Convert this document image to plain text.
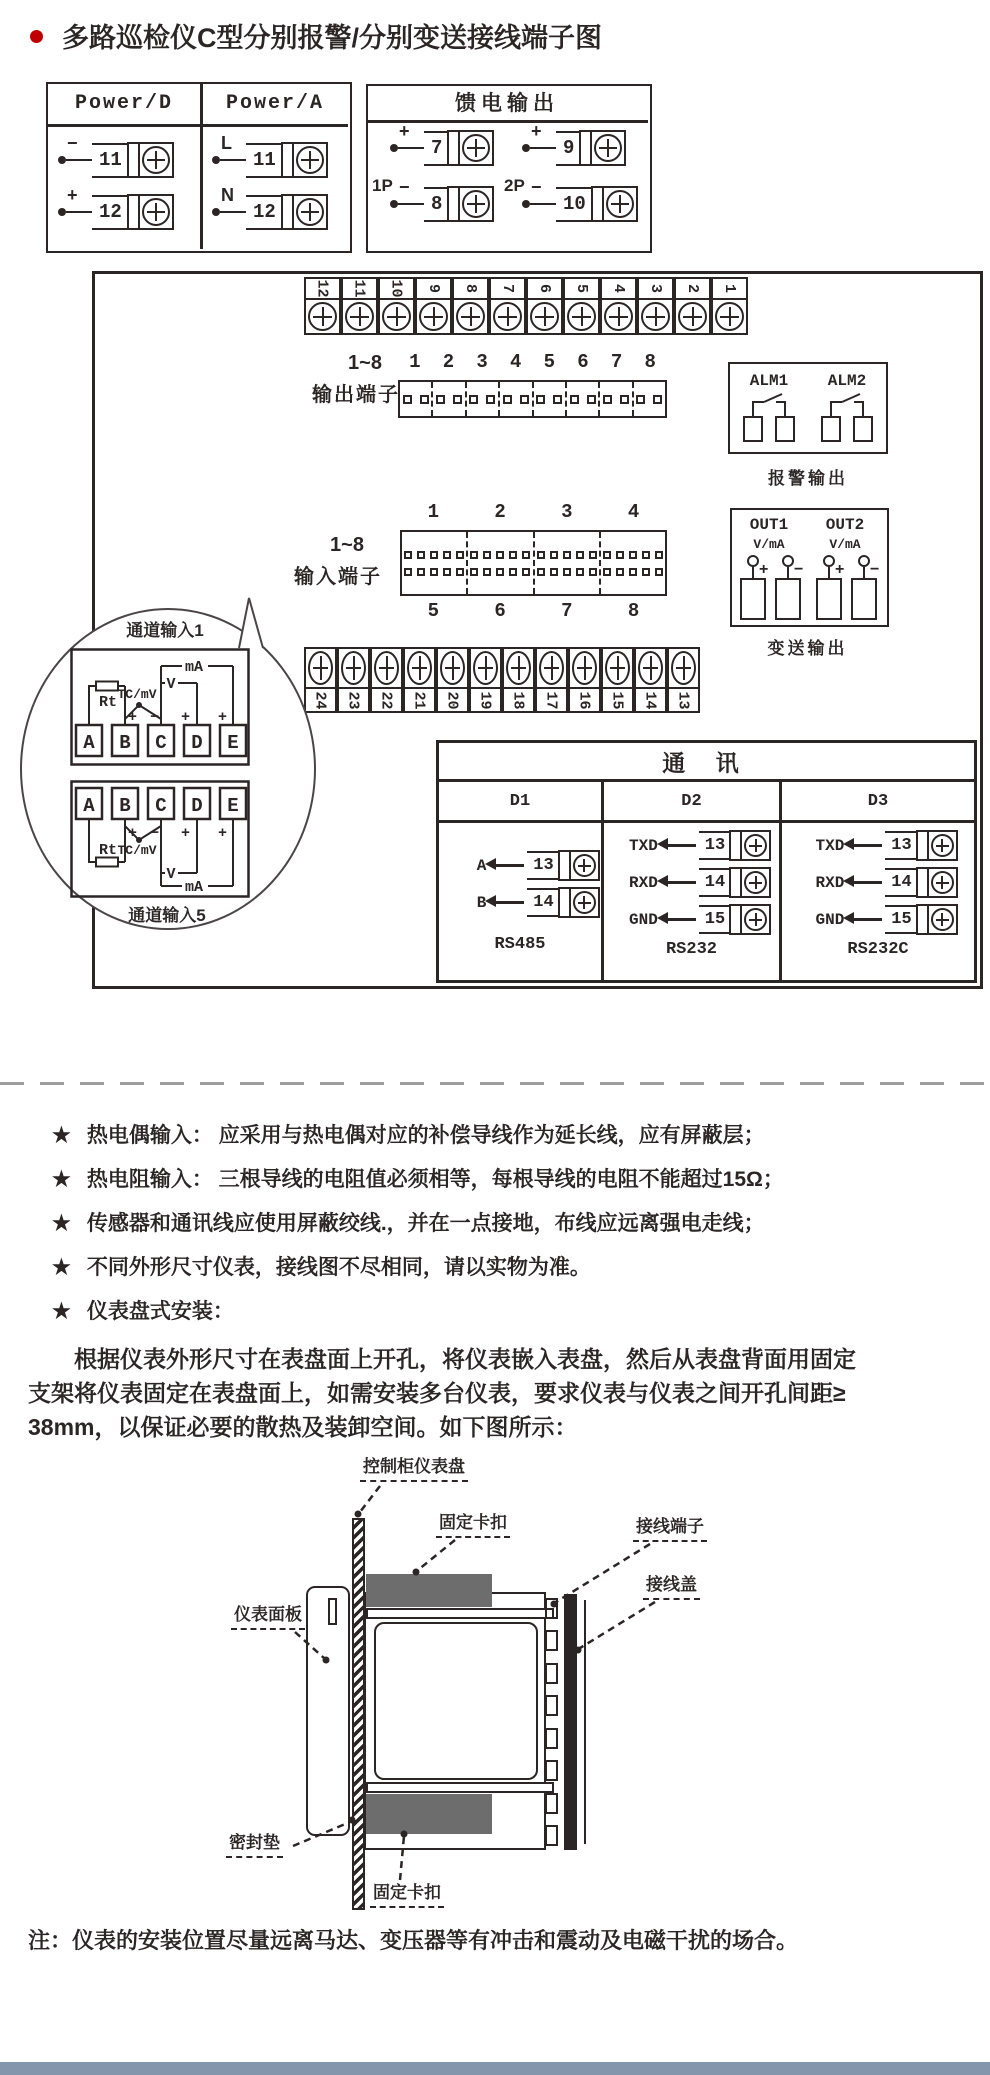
多路巡检仪C型分别报警/分别变送接线端子图
Power/D	Power/A
−
11
+
12
L
11
N
12
馈电输出
1P
+
7
−
8
2P
+
9
−
10
12 11 10 9 8 7 6 5 4 3 2 1
1~8
输出端子
1	2	3	4	5	6	7	8
ALM1	ALM2
报警输出
1~8
输入端子
1	2	3	4
5	6	7	8
OUT1	OUT2
V/mA	V/mA
+ − + −
变送输出
24 23 22 21 20 19 18 17 16 15 14 13
通道输入1
A B C D E
Rt TC/mV
V
mA
+ − + +
A B C D E
Rt TC/mV
V
mA
+ − + +
通道输入5
通 讯
D1	D2	D3
A	13
B	14
RS485
TXD	13
RXD	14
GND	15
RS232
TXD	13
RXD	14
GND	15
RS232C
★ 热电偶输入： 应采用与热电偶对应的补偿导线作为延长线，应有屏蔽层；
★ 热电阻输入： 三根导线的电阻值必须相等，每根导线的电阻不能超过15Ω；
★ 传感器和通讯线应使用屏蔽绞线.，并在一点接地，布线应远离强电走线；
★ 不同外形尺寸仪表，接线图不尽相同，请以实物为准。
★ 仪表盘式安装：
根据仪表外形尺寸在表盘面上开孔，将仪表嵌入表盘，然后从表盘背面用固定
支架将仪表固定在表盘面上，如需安装多台仪表，要求仪表与仪表之间开孔间距≥
38mm，以保证必要的散热及装卸空间。如下图所示：
控制柜仪表盘
固定卡扣	接线端子
接线盖
仪表面板
密封垫
固定卡扣
注：仪表的安装位置尽量远离马达、变压器等有冲击和震动及电磁干扰的场合。
